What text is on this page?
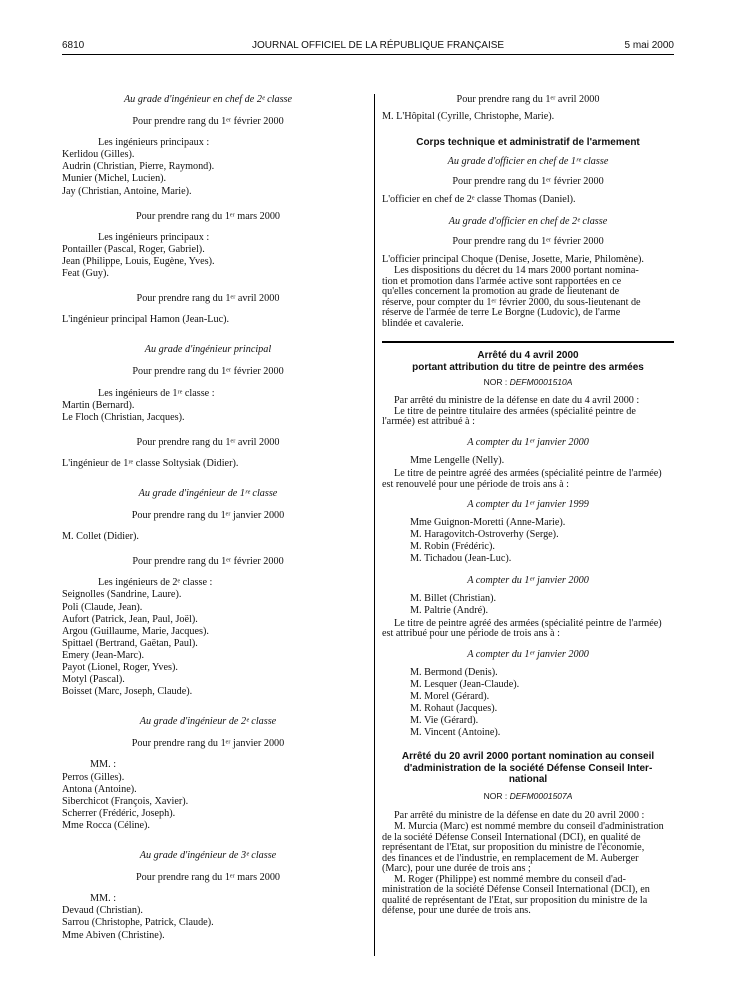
6810	JOURNAL OFFICIEL DE LA RÉPUBLIQUE FRANÇAISE	5 mai 2000
Au grade d'ingénieur en chef de 2ᵉ classe
Pour prendre rang du 1ᵉʳ février 2000
Les ingénieurs principaux :
Kerlidou (Gilles).
Audrin (Christian, Pierre, Raymond).
Munier (Michel, Lucien).
Jay (Christian, Antoine, Marie).
Pour prendre rang du 1ᵉʳ mars 2000
Les ingénieurs principaux :
Pontailler (Pascal, Roger, Gabriel).
Jean (Philippe, Louis, Eugène, Yves).
Feat (Guy).
Pour prendre rang du 1ᵉʳ avril 2000
L'ingénieur principal Hamon (Jean-Luc).
Au grade d'ingénieur principal
Pour prendre rang du 1ᵉʳ février 2000
Les ingénieurs de 1ʳᵉ classe :
Martin (Bernard).
Le Floch (Christian, Jacques).
Pour prendre rang du 1ᵉʳ avril 2000
L'ingénieur de 1ʳᵉ classe Soltysiak (Didier).
Au grade d'ingénieur de 1ʳᵉ classe
Pour prendre rang du 1ᵉʳ janvier 2000
M. Collet (Didier).
Pour prendre rang du 1ᵉʳ février 2000
Les ingénieurs de 2ᵉ classe :
Seignolles (Sandrine, Laure).
Poli (Claude, Jean).
Aufort (Patrick, Jean, Paul, Joël).
Argou (Guillaume, Marie, Jacques).
Spittael (Bertrand, Gaëtan, Paul).
Emery (Jean-Marc).
Payot (Lionel, Roger, Yves).
Motyl (Pascal).
Boisset (Marc, Joseph, Claude).
Au grade d'ingénieur de 2ᵉ classe
Pour prendre rang du 1ᵉʳ janvier 2000
MM. :
Perros (Gilles).
Antona (Antoine).
Siberchicot (François, Xavier).
Scherrer (Frédéric, Joseph).
Mme Rocca (Céline).
Au grade d'ingénieur de 3ᵉ classe
Pour prendre rang du 1ᵉʳ mars 2000
MM. :
Devaud (Christian).
Sarrou (Christophe, Patrick, Claude).
Mme Abiven (Christine).
Pour prendre rang du 1ᵉʳ avril 2000
M. L'Hôpital (Cyrille, Christophe, Marie).
Corps technique et administratif de l'armement
Au grade d'officier en chef de 1ʳᵉ classe
Pour prendre rang du 1ᵉʳ février 2000
L'officier en chef de 2ᵉ classe Thomas (Daniel).
Au grade d'officier en chef de 2ᵉ classe
Pour prendre rang du 1ᵉʳ février 2000
L'officier principal Choque (Denise, Josette, Marie, Philomène).
Les dispositions du décret du 14 mars 2000 portant nomina-
tion et promotion dans l'armée active sont rapportées en ce
qu'elles concernent la promotion au grade de lieutenant de
réserve, pour compter du 1ᵉʳ février 2000, du sous-lieutenant de
réserve de l'armée de terre Le Borgne (Ludovic), de l'arme
blindée et cavalerie.
Arrêté du 4 avril 2000
portant attribution du titre de peintre des armées
NOR : DEFM0001510A
Par arrêté du ministre de la défense en date du 4 avril 2000 :
Le titre de peintre titulaire des armées (spécialité peintre de
l'armée) est attribué à :
A compter du 1ᵉʳ janvier 2000
Mme Lengelle (Nelly).
Le titre de peintre agréé des armées (spécialité peintre de l'armée)
est renouvelé pour une période de trois ans à :
A compter du 1ᵉʳ janvier 1999
Mme Guignon-Moretti (Anne-Marie).
M. Haragovitch-Ostroverhy (Serge).
M. Robin (Frédéric).
M. Tichadou (Jean-Luc).
A compter du 1ᵉʳ janvier 2000
M. Billet (Christian).
M. Paltrie (André).
Le titre de peintre agréé des armées (spécialité peintre de l'armée)
est attribué pour une période de trois ans à :
A compter du 1ᵉʳ janvier 2000
M. Bermond (Denis).
M. Lesquer (Jean-Claude).
M. Morel (Gérard).
M. Rohaut (Jacques).
M. Vie (Gérard).
M. Vincent (Antoine).
Arrêté du 20 avril 2000 portant nomination au conseil
d'administration de la société Défense Conseil Inter-
national
NOR : DEFM0001507A
Par arrêté du ministre de la défense en date du 20 avril 2000 :
M. Murcia (Marc) est nommé membre du conseil d'administration
de la société Défense Conseil International (DCI), en qualité de
représentant de l'Etat, sur proposition du ministre de l'économie,
des finances et de l'industrie, en remplacement de M. Auberger
(Marc), pour une durée de trois ans ;
M. Roger (Philippe) est nommé membre du conseil d'ad-
ministration de la société Défense Conseil International (DCI), en
qualité de représentant de l'Etat, sur proposition du ministre de la
défense, pour une durée de trois ans.
